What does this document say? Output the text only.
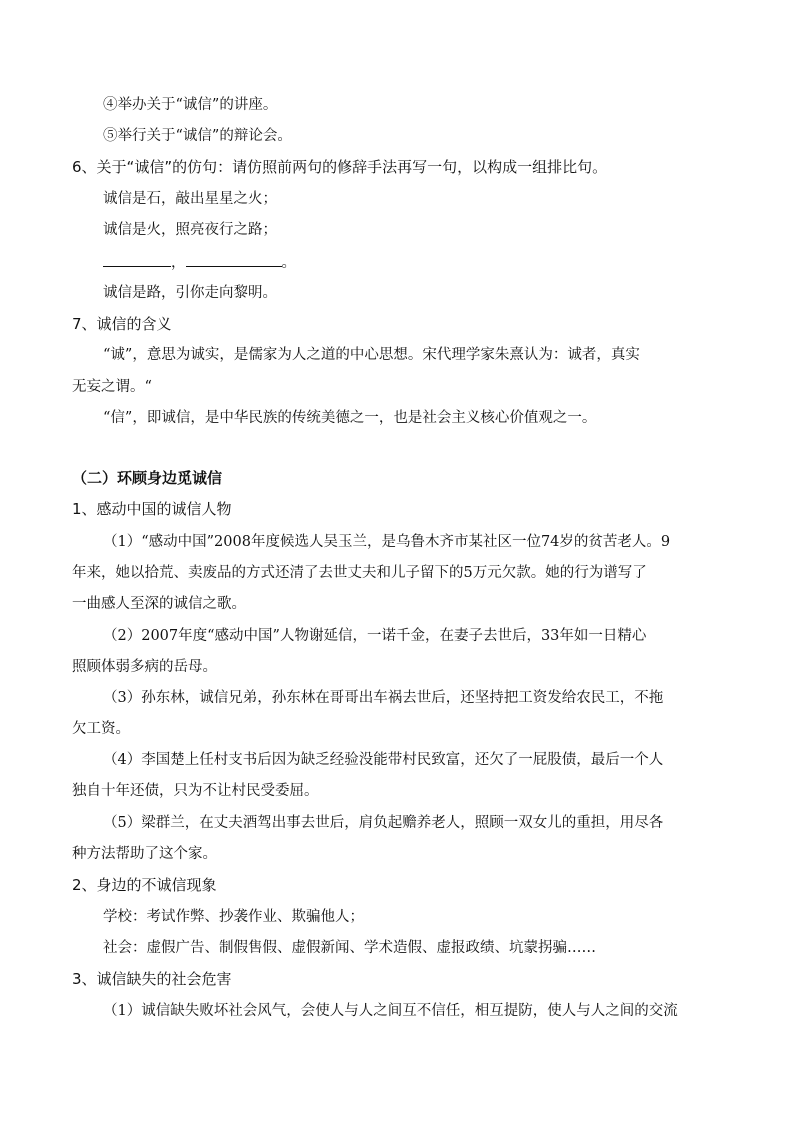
④举办关于“诚信”的讲座。
⑤举行关于“诚信”的辩论会。
6、关于“诚信”的仿句：请仿照前两句的修辞手法再写一句，以构成一组排比句。
诚信是石，敲出星星之火；
诚信是火，照亮夜行之路；
，	。
诚信是路，引你走向黎明。
7、诚信的含义
“诚”，意思为诚实，是儒家为人之道的中心思想。宋代理学家朱熹认为：诚者，真实
无妄之谓。“
“信”，即诚信，是中华民族的传统美德之一，也是社会主义核心价值观之一。
（二）环顾身边觅诚信
1、感动中国的诚信人物
（1）“感动中国”2008年度候选人吴玉兰，是乌鲁木齐市某社区一位74岁的贫苦老人。9
年来，她以拾荒、卖废品的方式还清了去世丈夫和儿子留下的5万元欠款。她的行为谱写了
一曲感人至深的诚信之歌。
（2）2007年度“感动中国”人物谢延信，一诺千金，在妻子去世后，33年如一日精心
照顾体弱多病的岳母。
（3）孙东林，诚信兄弟，孙东林在哥哥出车祸去世后，还坚持把工资发给农民工，不拖
欠工资。
（4）李国楚上任村支书后因为缺乏经验没能带村民致富，还欠了一屁股债，最后一个人
独自十年还债，只为不让村民受委屈。
（5）梁群兰，在丈夫酒驾出事去世后，肩负起赡养老人，照顾一双女儿的重担，用尽各
种方法帮助了这个家。
2、身边的不诚信现象
学校：考试作弊、抄袭作业、欺骗他人；
社会：虚假广告、制假售假、虚假新闻、学术造假、虚报政绩、坑蒙拐骗……
3、诚信缺失的社会危害
（1）诚信缺失败坏社会风气，会使人与人之间互不信任，相互提防，使人与人之间的交流
